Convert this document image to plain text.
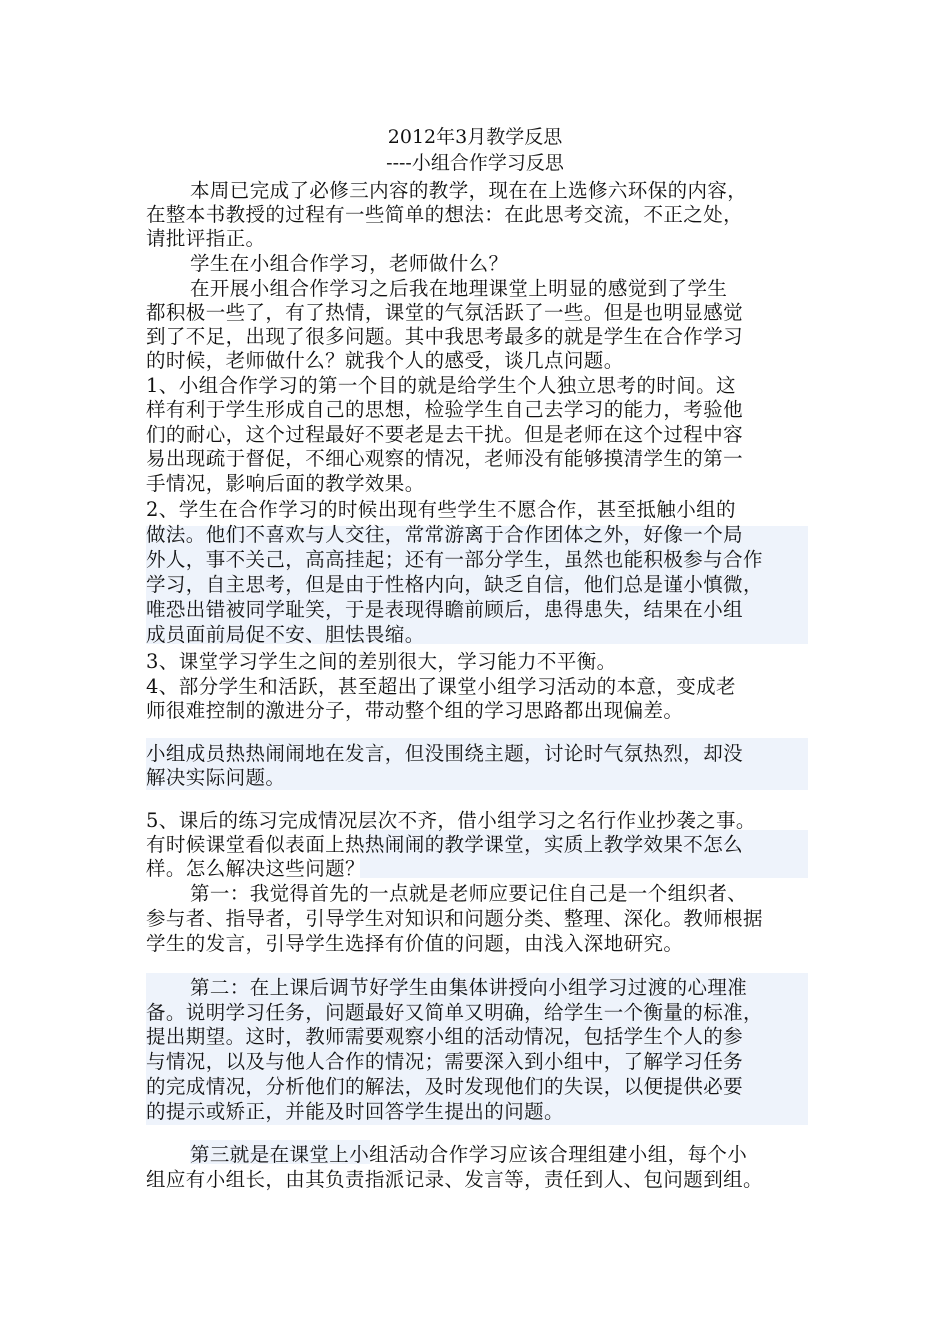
2012年3月教学反思
----小组合作学习反思
本周已完成了必修三内容的教学，现在在上选修六环保的内容，
在整本书教授的过程有一些简单的想法：在此思考交流，不正之处，
请批评指正。
学生在小组合作学习，老师做什么？
在开展小组合作学习之后我在地理课堂上明显的感觉到了学生
都积极一些了，有了热情，课堂的气氛活跃了一些。但是也明显感觉
到了不足，出现了很多问题。其中我思考最多的就是学生在合作学习
的时候，老师做什么？就我个人的感受，谈几点问题。
1、小组合作学习的第一个目的就是给学生个人独立思考的时间。这
样有利于学生形成自己的思想，检验学生自己去学习的能力，考验他
们的耐心，这个过程最好不要老是去干扰。但是老师在这个过程中容
易出现疏于督促，不细心观察的情况，老师没有能够摸清学生的第一
手情况，影响后面的教学效果。
2、学生在合作学习的时候出现有些学生不愿合作，甚至抵触小组的
做法。他们不喜欢与人交往，常常游离于合作团体之外，好像一个局
外人，事不关己，高高挂起；还有一部分学生，虽然也能积极参与合作
学习，自主思考，但是由于性格内向，缺乏自信，他们总是谨小慎微，
唯恐出错被同学耻笑，于是表现得瞻前顾后，患得患失，结果在小组
成员面前局促不安、胆怯畏缩。
3、课堂学习学生之间的差别很大，学习能力不平衡。
4、部分学生和活跃，甚至超出了课堂小组学习活动的本意，变成老
师很难控制的激进分子，带动整个组的学习思路都出现偏差。
小组成员热热闹闹地在发言，但没围绕主题，讨论时气氛热烈，却没
解决实际问题。
5、课后的练习完成情况层次不齐，借小组学习之名行作业抄袭之事。
有时候课堂看似表面上热热闹闹的教学课堂，实质上教学效果不怎么
样。怎么解决这些问题？
第一：我觉得首先的一点就是老师应要记住自己是一个组织者、
参与者、指导者，引导学生对知识和问题分类、整理、深化。教师根据
学生的发言，引导学生选择有价值的问题，由浅入深地研究。
第二：在上课后调节好学生由集体讲授向小组学习过渡的心理准
备。说明学习任务，问题最好又简单又明确，给学生一个衡量的标准，
提出期望。这时，教师需要观察小组的活动情况，包括学生个人的参
与情况，以及与他人合作的情况；需要深入到小组中，了解学习任务
的完成情况，分析他们的解法，及时发现他们的失误，以便提供必要
的提示或矫正，并能及时回答学生提出的问题。
第三就是在课堂上小组活动合作学习应该合理组建小组，每个小
组应有小组长，由其负责指派记录、发言等，责任到人、包问题到组。
